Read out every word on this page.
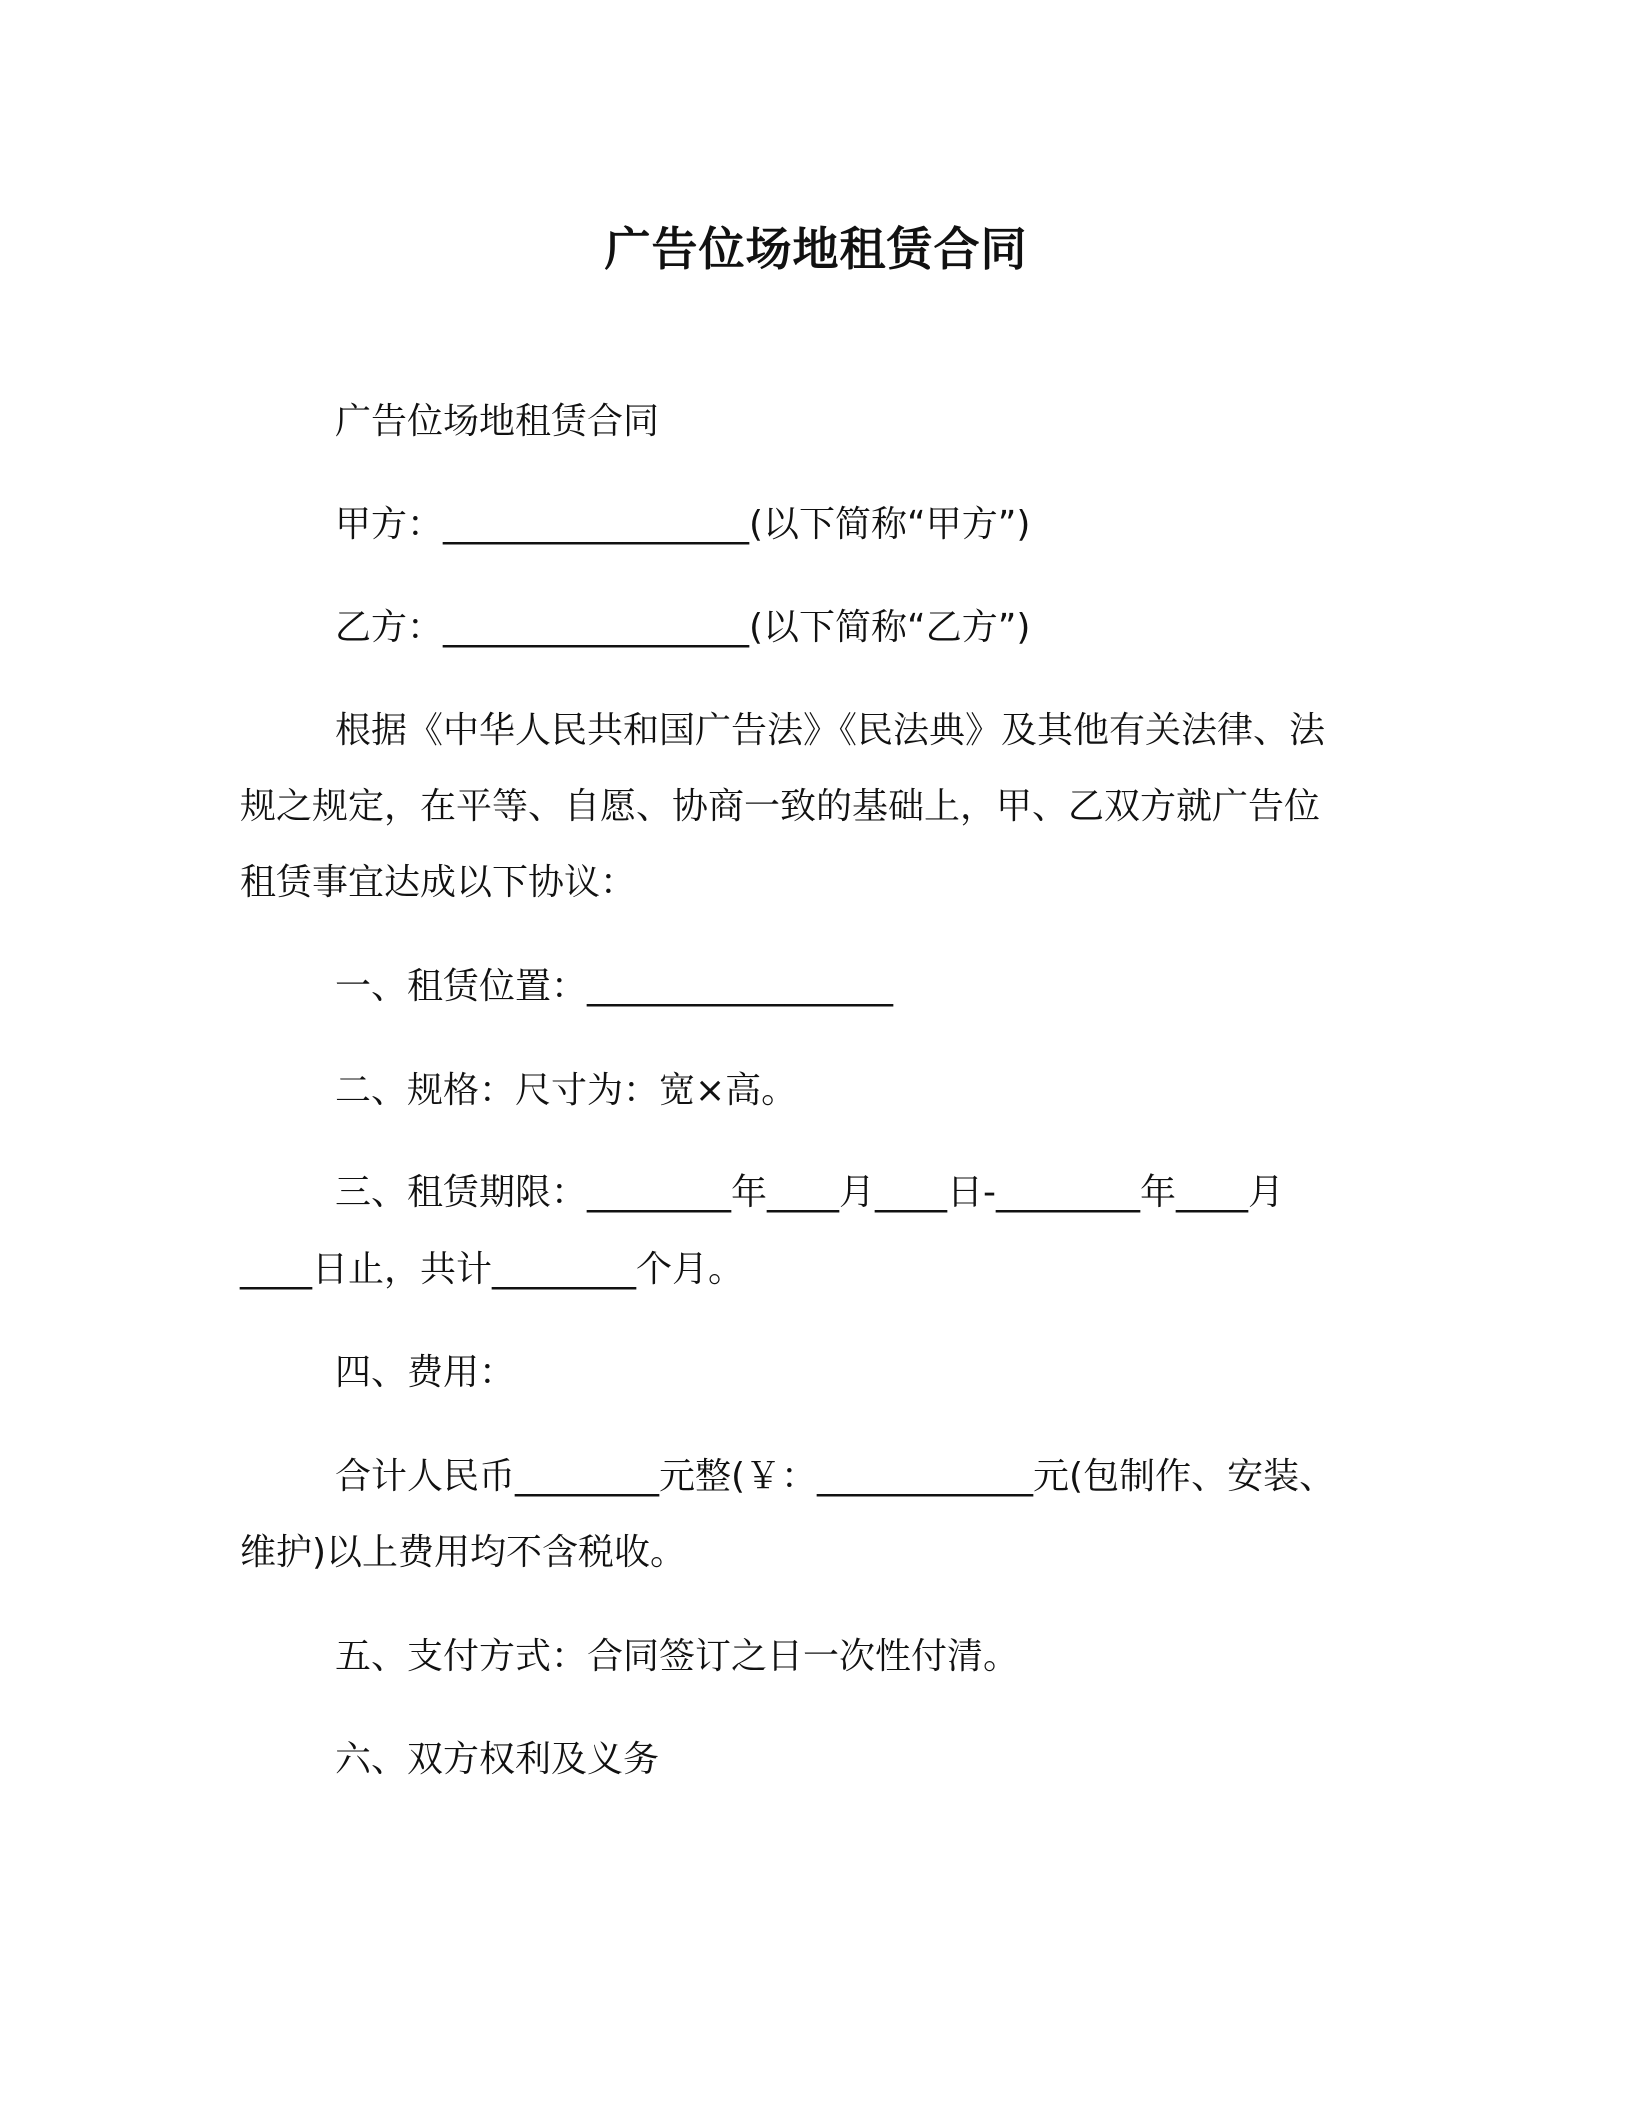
广告位场地租赁合同
广告位场地租赁合同
甲方：_________________(以下简称“甲方”)
乙方：_________________(以下简称“乙方”)
根据《中华人民共和国广告法》《民法典》及其他有关法律、法
规之规定，在平等、自愿、协商一致的基础上，甲、乙双方就广告位
租赁事宜达成以下协议：
一、租赁位置：_________________
二、规格：尺寸为：宽×高。
三、租赁期限：________年____月____日-________年____月
____日止，共计________个月。
四、费用：
合计人民币________元整(￥：____________元(包制作、安装、
维护)以上费用均不含税收。
五、支付方式：合同签订之日一次性付清。
六、双方权利及义务
